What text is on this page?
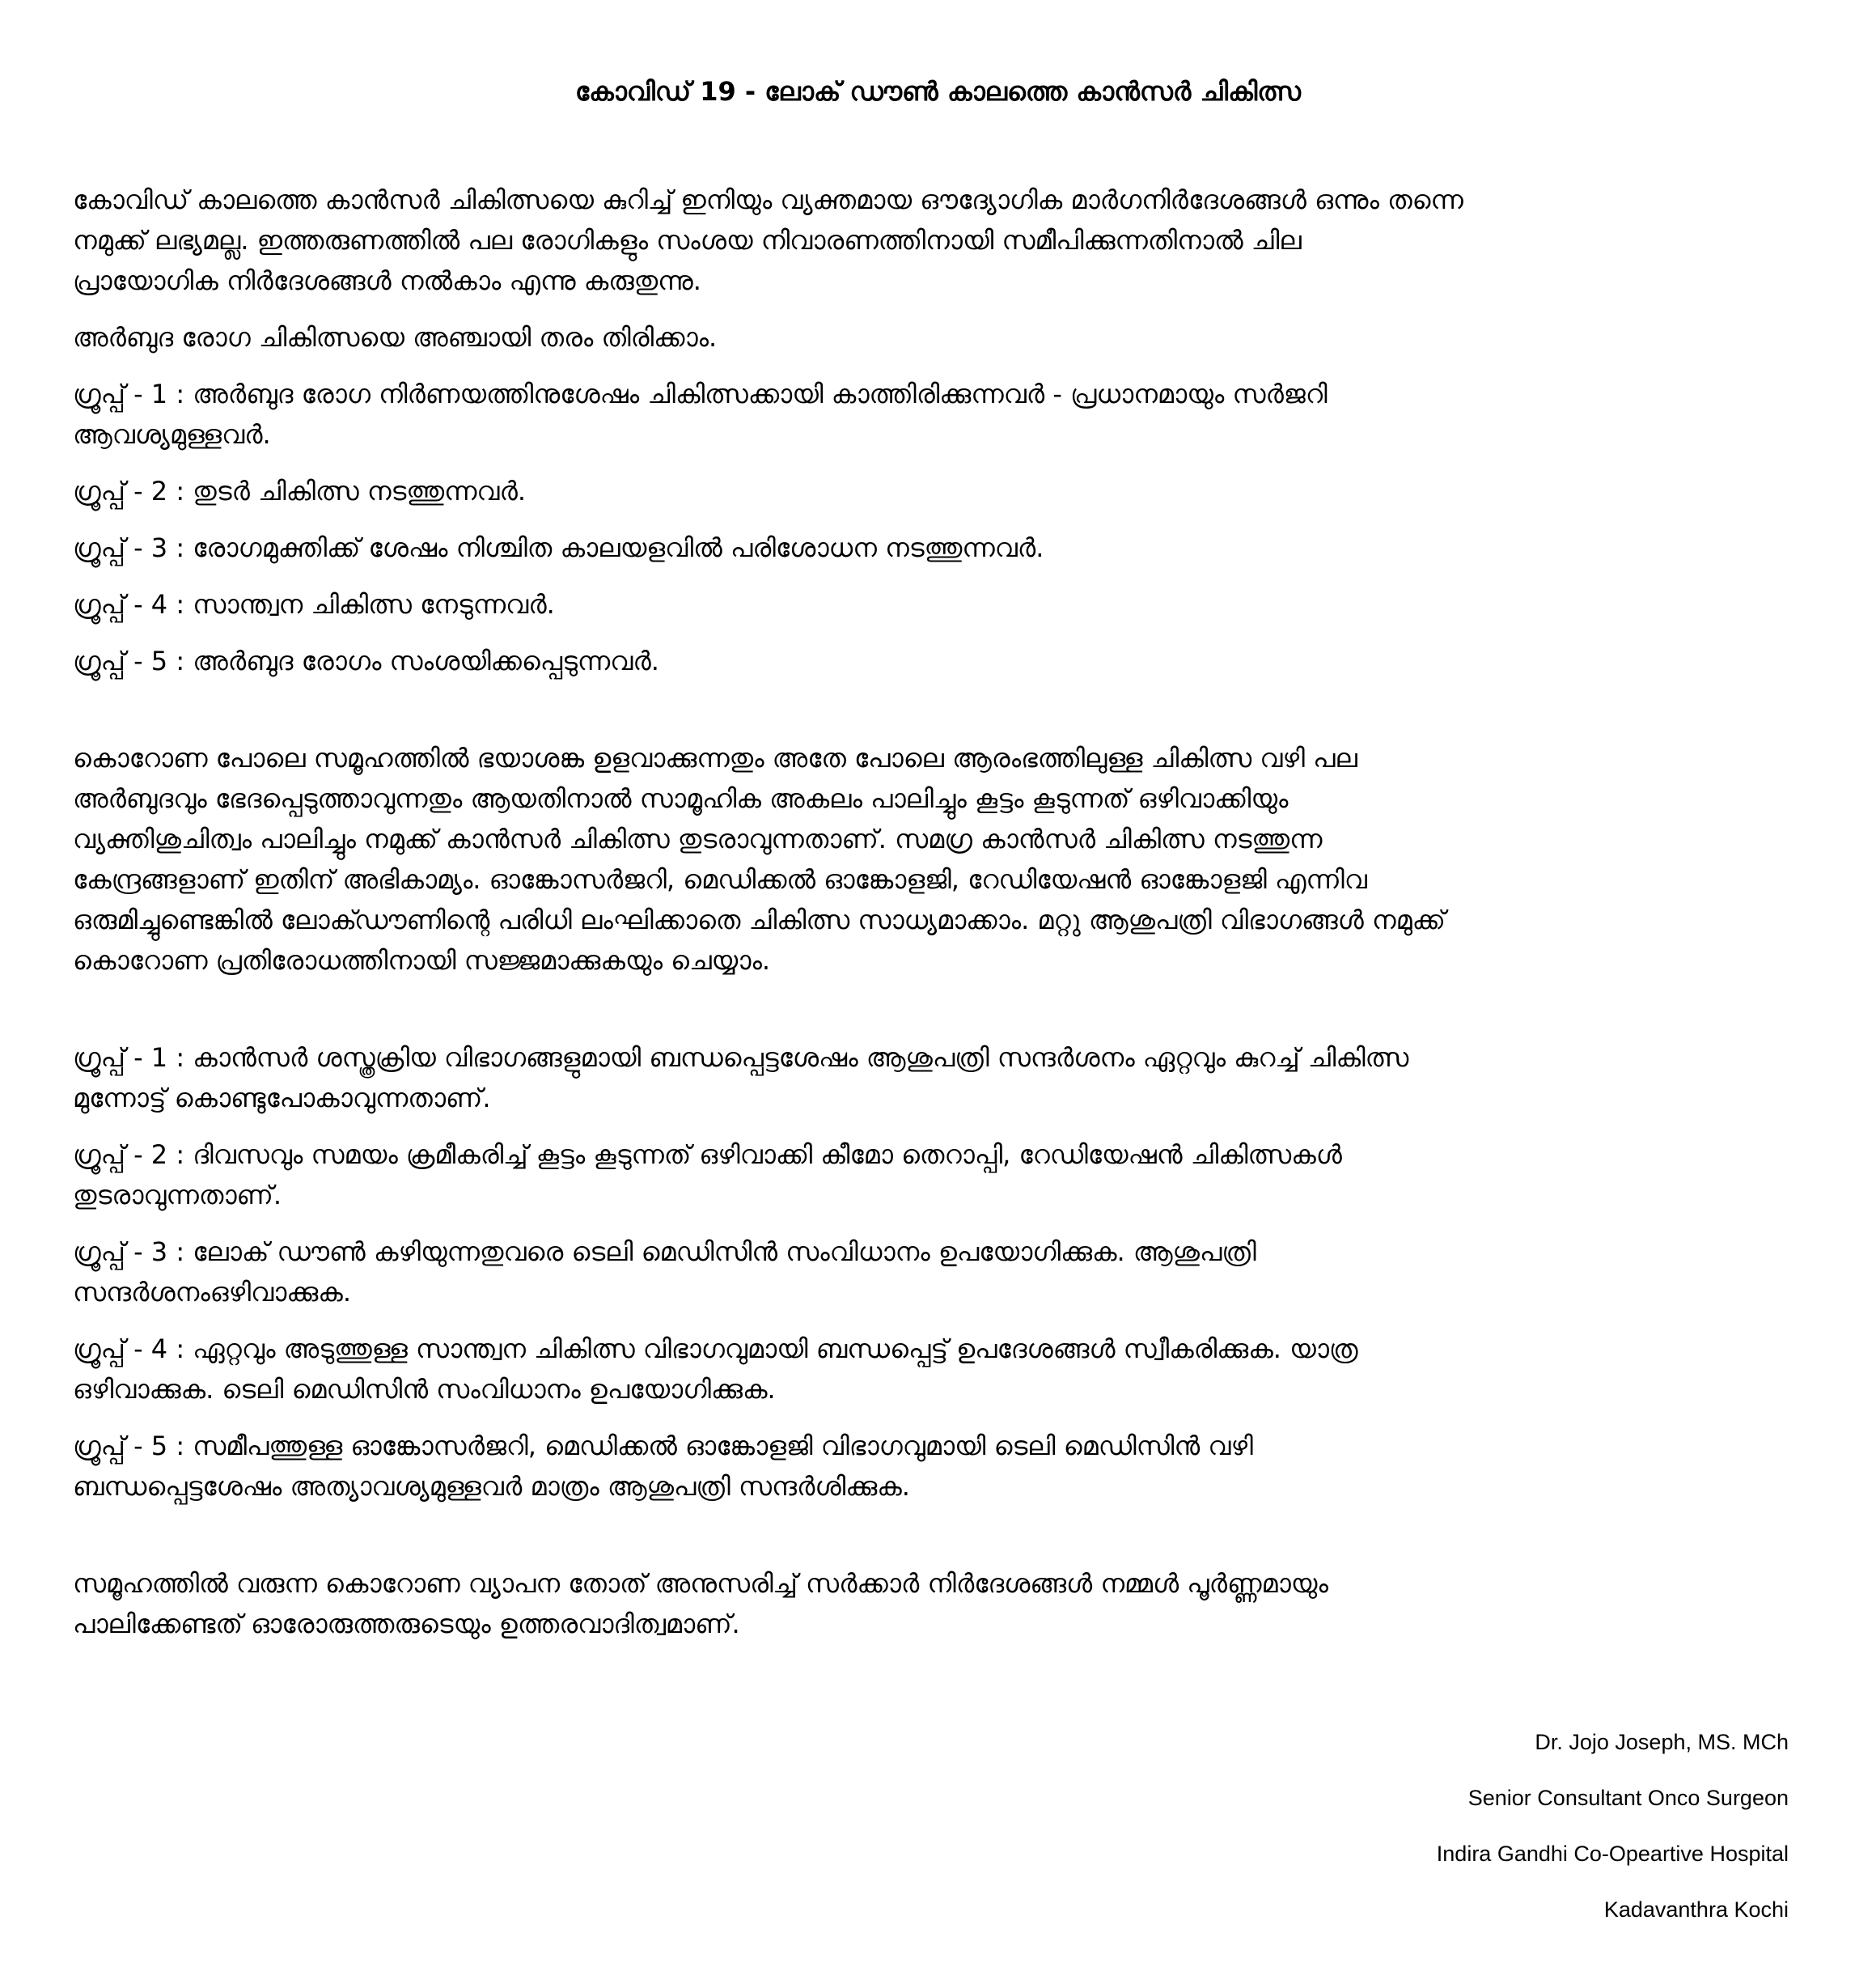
കോവിഡ് 19 - ലോക് ഡൗൺ കാലത്തെ കാൻസർ ചികിത്സ
കോവിഡ് കാലത്തെ കാൻസർ ചികിത്സയെ കുറിച്ച് ഇനിയും വ്യക്തമായ ഔദ്യോഗിക മാർഗനിർദേശങ്ങൾ ഒന്നും തന്നെ
നമുക്ക് ലഭ്യമല്ല. ഇത്തരുണത്തിൽ പല രോഗികളും സംശയ നിവാരണത്തിനായി സമീപിക്കുന്നതിനാൽ ചില
പ്രായോഗിക നിർദേശങ്ങൾ നൽകാം എന്നു കരുതുന്നു.
അർബുദ രോഗ ചികിത്സയെ അഞ്ചായി തരം തിരിക്കാം.
ഗ്രൂപ്പ് - 1 : അർബുദ രോഗ നിർണയത്തിനുശേഷം ചികിത്സക്കായി കാത്തിരിക്കുന്നവർ - പ്രധാനമായും സർജറി
ആവശ്യമുള്ളവർ.
ഗ്രൂപ്പ് - 2 : തുടർ ചികിത്സ നടത്തുന്നവർ.
ഗ്രൂപ്പ് - 3 : രോഗമുക്തിക്ക് ശേഷം നിശ്ചിത കാലയളവിൽ പരിശോധന നടത്തുന്നവർ.
ഗ്രൂപ്പ് - 4 : സാന്ത്വന ചികിത്സ നേടുന്നവർ.
ഗ്രൂപ്പ് - 5 : അർബുദ രോഗം സംശയിക്കപ്പെടുന്നവർ.
കൊറോണ പോലെ സമൂഹത്തിൽ ഭയാശങ്ക ഉളവാക്കുന്നതും അതേ പോലെ ആരംഭത്തിലുള്ള ചികിത്സ വഴി പല
അർബുദവും ഭേദപ്പെടുത്താവുന്നതും ആയതിനാൽ സാമൂഹിക അകലം പാലിച്ചും കൂട്ടം കൂടുന്നത് ഒഴിവാക്കിയും
വ്യക്തിശുചിത്വം പാലിച്ചും നമുക്ക് കാൻസർ ചികിത്സ തുടരാവുന്നതാണ്. സമഗ്ര കാൻസർ ചികിത്സ നടത്തുന്ന
കേന്ദ്രങ്ങളാണ് ഇതിന് അഭികാമ്യം. ഓങ്കോസർജറി, മെഡിക്കൽ ഓങ്കോളജി, റേഡിയേഷൻ ഓങ്കോളജി എന്നിവ
ഒരുമിച്ചുണ്ടെങ്കിൽ ലോക്ഡൗണിന്റെ പരിധി ലംഘിക്കാതെ ചികിത്സ സാധ്യമാക്കാം. മറ്റു ആശുപത്രി വിഭാഗങ്ങൾ നമുക്ക്
കൊറോണ പ്രതിരോധത്തിനായി സജ്ജമാക്കുകയും ചെയ്യാം.
ഗ്രൂപ്പ് - 1 : കാൻസർ ശസ്ത്രക്രിയ വിഭാഗങ്ങളുമായി ബന്ധപ്പെട്ടശേഷം ആശുപത്രി സന്ദർശനം ഏറ്റവും കുറച്ച് ചികിത്സ
മുന്നോട്ട് കൊണ്ടുപോകാവുന്നതാണ്.
ഗ്രൂപ്പ് - 2 : ദിവസവും സമയം ക്രമീകരിച്ച് കൂട്ടം കൂടുന്നത് ഒഴിവാക്കി കീമോ തെറാപ്പി, റേഡിയേഷൻ ചികിത്സകൾ
തുടരാവുന്നതാണ്.
ഗ്രൂപ്പ് - 3 : ലോക് ഡൗൺ കഴിയുന്നതുവരെ ടെലി മെഡിസിൻ സംവിധാനം ഉപയോഗിക്കുക. ആശുപത്രി
സന്ദർശനംഒഴിവാക്കുക.
ഗ്രൂപ്പ് - 4 : ഏറ്റവും അടുത്തുള്ള സാന്ത്വന ചികിത്സ വിഭാഗവുമായി ബന്ധപ്പെട്ട് ഉപദേശങ്ങൾ സ്വീകരിക്കുക. യാത്ര
ഒഴിവാക്കുക. ടെലി മെഡിസിൻ സംവിധാനം ഉപയോഗിക്കുക.
ഗ്രൂപ്പ് - 5 : സമീപത്തുള്ള ഓങ്കോസർജറി, മെഡിക്കൽ ഓങ്കോളജി വിഭാഗവുമായി ടെലി മെഡിസിൻ വഴി
ബന്ധപ്പെട്ടശേഷം അത്യാവശ്യമുള്ളവർ മാത്രം ആശുപത്രി സന്ദർശിക്കുക.
സമൂഹത്തിൽ വരുന്ന കൊറോണ വ്യാപന തോത് അനുസരിച്ച് സർക്കാർ നിർദേശങ്ങൾ നമ്മൾ പൂർണ്ണമായും
പാലിക്കേണ്ടത് ഓരോരുത്തരുടെയും ഉത്തരവാദിത്വമാണ്.
Dr. Jojo Joseph, MS. MCh
Senior Consultant Onco Surgeon
Indira Gandhi Co-Opeartive Hospital
Kadavanthra Kochi
